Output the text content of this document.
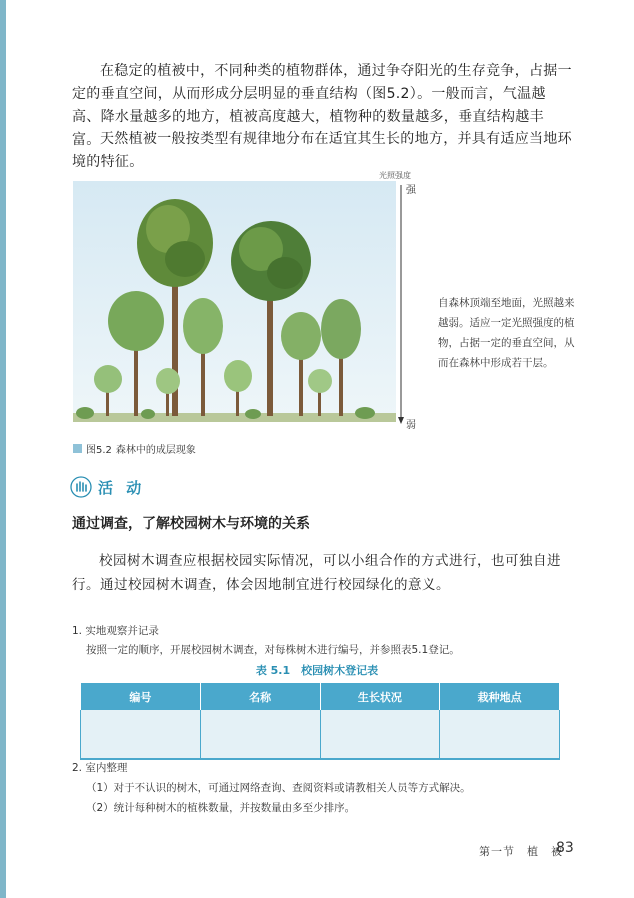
在稳定的植被中，不同种类的植物群体，通过争夺阳光的生存竞争，占据一定的垂直空间，从而形成分层明显的垂直结构（图5.2）。一般而言，气温越高、降水量越多的地方，植被高度越大，植物种的数量越多，垂直结构越丰富。 天然植被一般按类型有规律地分布在适宜其生长的地方，并具有适应当地环境的特征。

光照强度
强
弱
自森林顶端至地面，光照越来越弱。适应一定光照强度的植物，占据一定的垂直空间，从而在森林中形成若干层。
图5.2 森林中的成层现象
活 动
通过调查，了解校园树木与环境的关系

校园树木调查应根据校园实际情况，可以小组合作的方式进行，也可独自进行。通过校园树木调查，体会因地制宜进行校园绿化的意义。

1. 实地观察并记录
按照一定的顺序，开展校园树木调查，对每株树木进行编号，并参照表5.1登记。
表 5.1　校园树木登记表
编号	名称	生长状况	栽种地点

2. 室内整理
（1）对于不认识的树木，可通过网络查询、查阅资料或请教相关人员等方式解决。
（2）统计每种树木的植株数量，并按数量由多至少排序。
第一节　植　被
83
